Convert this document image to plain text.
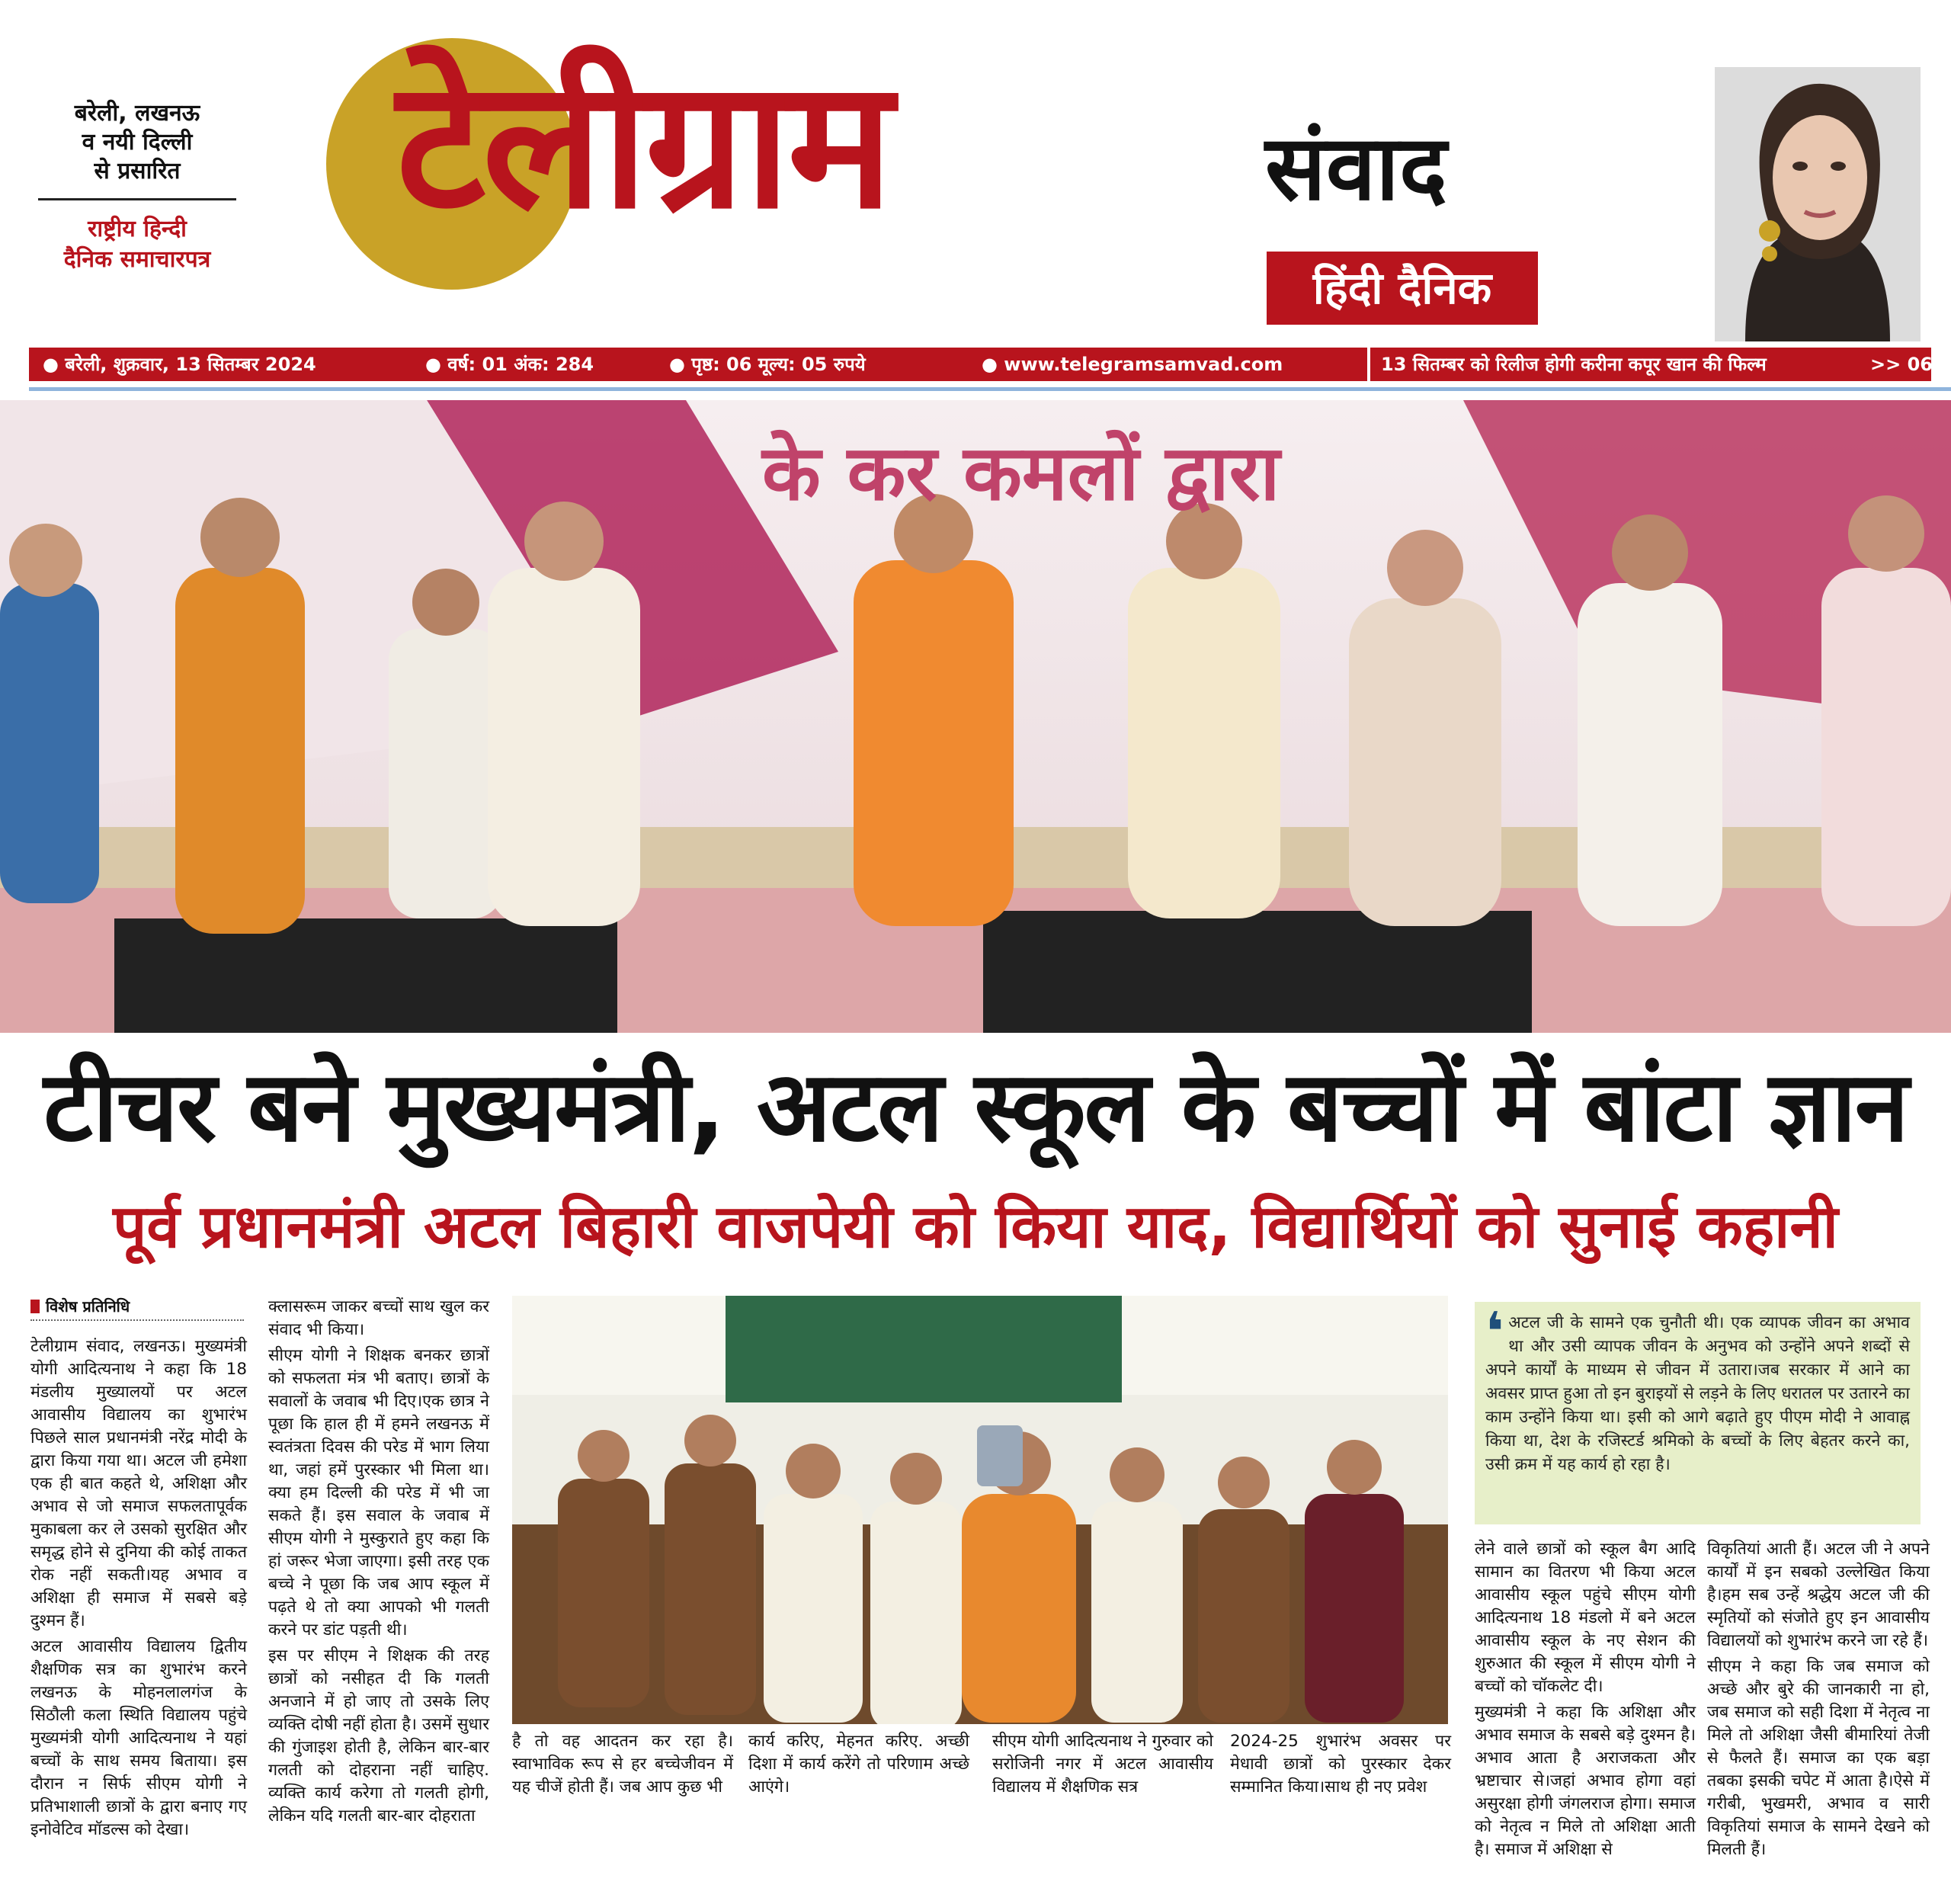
बरेली, लखनऊ
व नयी दिल्ली
से प्रसारित
राष्ट्रीय हिन्दी
दैनिक समाचारपत्र
टेलीग्राम	संवाद
हिंदी दैनिक
● बरेली, शुक्रवार, 13 सितम्बर 2024	● वर्ष: 01 अंक: 284	● पृष्ठ: 06 मूल्य: 05 रुपये	● www.telegramsamvad.com	13 सितम्बर को रिलीज होगी करीना कपूर खान की फिल्म	>> 06
के कर कमलों द्वारा
टीचर बने मुख्यमंत्री, अटल स्कूल के बच्चों में बांटा ज्ञान
पूर्व प्रधानमंत्री अटल बिहारी वाजपेयी को किया याद, विद्यार्थियों को सुनाई कहानी
विशेष प्रतिनिधि

टेलीग्राम संवाद, लखनऊ। मुख्यमंत्री योगी आदित्यनाथ ने कहा कि 18 मंडलीय मुख्यालयों पर अटल आवासीय विद्यालय का शुभारंभ पिछले साल प्रधानमंत्री नरेंद्र मोदी के द्वारा किया गया था। अटल जी हमेशा एक ही बात कहते थे, अशिक्षा और अभाव से जो समाज सफलतापूर्वक मुकाबला कर ले उसको सुरक्षित और समृद्ध होने से दुनिया की कोई ताकत रोक नहीं सकती।यह अभाव व अशिक्षा ही समाज में सबसे बड़े दुश्मन हैं।

अटल आवासीय विद्यालय द्वितीय शैक्षणिक सत्र का शुभारंभ करने लखनऊ के मोहनलालगंज के सिठौली कला स्थिति विद्यालय पहुंचे मुख्यमंत्री योगी आदित्यनाथ ने यहां बच्चों के साथ समय बिताया। इस दौरान न सिर्फ सीएम योगी ने प्रतिभाशाली छात्रों के द्वारा बनाए गए इनोवेटिव मॉडल्स को देखा।

क्लासरूम जाकर बच्चों साथ खुल कर संवाद भी किया।

सीएम योगी ने शिक्षक बनकर छात्रों को सफलता मंत्र भी बताए। छात्रों के सवालों के जवाब भी दिए।एक छात्र ने पूछा कि हाल ही में हमने लखनऊ में स्वतंत्रता दिवस की परेड में भाग लिया था, जहां हमें पुरस्कार भी मिला था। क्या हम दिल्ली की परेड में भी जा सकते हैं। इस सवाल के जवाब में सीएम योगी ने मुस्कुराते हुए कहा कि हां जरूर भेजा जाएगा। इसी तरह एक बच्चे ने पूछा कि जब आप स्कूल में पढ़ते थे तो क्या आपको भी गलती करने पर डांट पड़ती थी।

इस पर सीएम ने शिक्षक की तरह छात्रों को नसीहत दी कि गलती अनजाने में हो जाए तो उसके लिए व्यक्ति दोषी नहीं होता है। उसमें सुधार की गुंजाइश होती है, लेकिन बार-बार गलती को दोहराना नहीं चाहिए. व्यक्ति कार्य करेगा तो गलती होगी, लेकिन यदि गलती बार-बार दोहराता

है तो वह आदतन कर रहा है। स्वाभाविक रूप से हर बच्चेजीवन में यह चीजें होती हैं। जब आप कुछ भी

कार्य करिए, मेहनत करिए. अच्छी दिशा में कार्य करेंगे तो परिणाम अच्छे आएंगे।

सीएम योगी आदित्यनाथ ने गुरुवार को सरोजिनी नगर में अटल आवासीय विद्यालय में शैक्षणिक सत्र

2024-25 शुभारंभ अवसर पर मेधावी छात्रों को पुरस्कार देकर सम्मानित किया।साथ ही नए प्रवेश

❛ अटल जी के सामने एक चुनौती थी। एक व्यापक जीवन का अभाव था और उसी व्यापक जीवन के अनुभव को उन्होंने अपने शब्दों से अपने कार्यों के माध्यम से जीवन में उतारा।जब सरकार में आने का अवसर प्राप्त हुआ तो इन बुराइयों से लड़ने के लिए धरातल पर उतारने का काम उन्होंने किया था। इसी को आगे बढ़ाते हुए पीएम मोदी ने आवाह्न किया था, देश के रजिस्टर्ड श्रमिको के बच्चों के लिए बेहतर करने का, उसी क्रम में यह कार्य हो रहा है।

लेने वाले छात्रों को स्कूल बैग आदि सामान का वितरण भी किया अटल आवासीय स्कूल पहुंचे सीएम योगी आदित्यनाथ 18 मंडलो में बने अटल आवासीय स्कूल के नए सेशन की शुरुआत की स्कूल में सीएम योगी ने बच्चों को चॉकलेट दी।

मुख्यमंत्री ने कहा कि अशिक्षा और अभाव समाज के सबसे बड़े दुश्मन है।अभाव आता है अराजकता और भ्रष्टाचार से।जहां अभाव होगा वहां असुरक्षा होगी जंगलराज होगा। समाज को नेतृत्व न मिले तो अशिक्षा आती है। समाज में अशिक्षा से

विकृतियां आती हैं। अटल जी ने अपने कार्यों में इन सबको उल्लेखित किया है।हम सब उन्हें श्रद्धेय अटल जी की स्मृतियों को संजोते हुए इन आवासीय विद्यालयों को शुभारंभ करने जा रहे हैं।

सीएम ने कहा कि जब समाज को अच्छे और बुरे की जानकारी ना हो, जब समाज को सही दिशा में नेतृत्व ना मिले तो अशिक्षा जैसी बीमारियां तेजी से फैलते हैं। समाज का एक बड़ा तबका इसकी चपेट में आता है।ऐसे में गरीबी, भुखमरी, अभाव व सारी विकृतियां समाज के सामने देखने को मिलती हैं।
